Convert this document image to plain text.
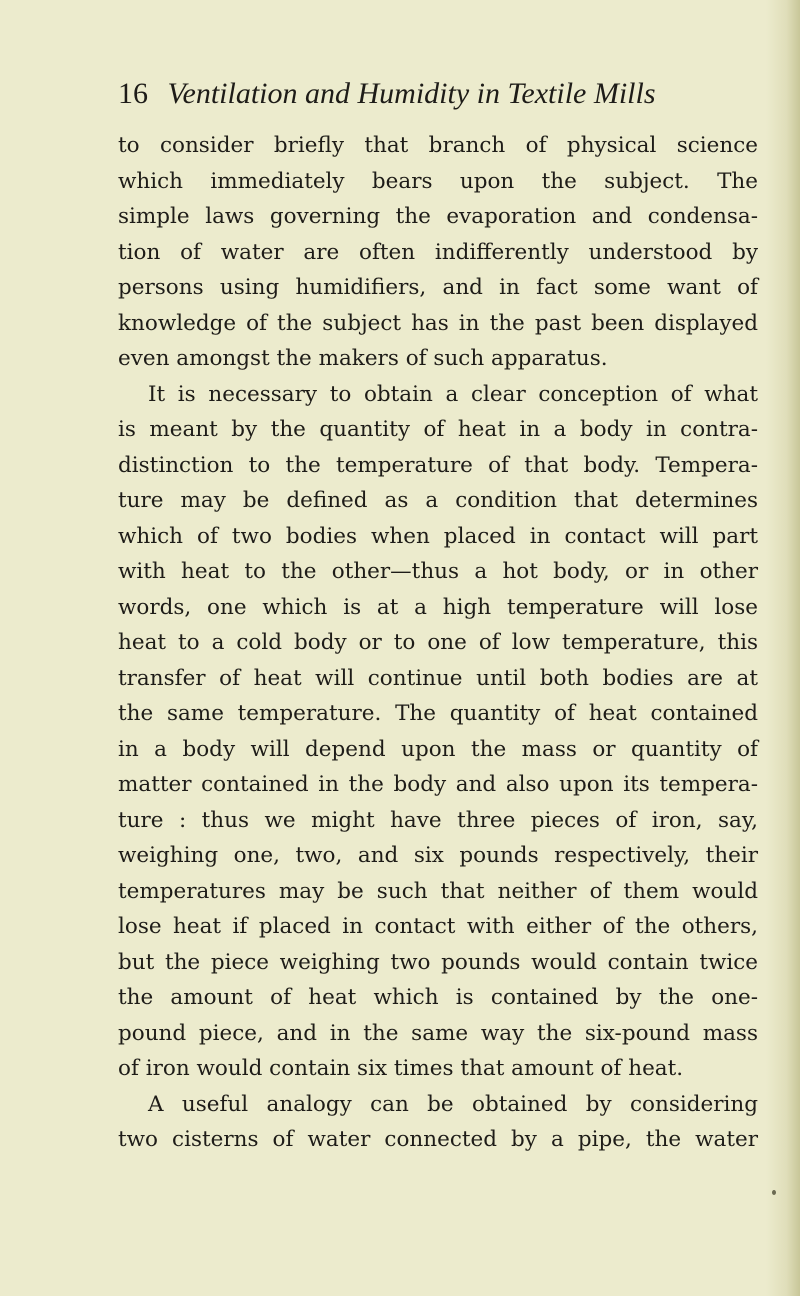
16 Ventilation and Humidity in Textile Mills
to consider briefly that branch of physical science
which immediately bears upon the subject. The
simple laws governing the evaporation and condensa-
tion of water are often indifferently understood by
persons using humidifiers, and in fact some want of
knowledge of the subject has in the past been displayed
even amongst the makers of such apparatus.
It is necessary to obtain a clear conception of what
is meant by the quantity of heat in a body in contra-
distinction to the temperature of that body. Tempera-
ture may be defined as a condition that determines
which of two bodies when placed in contact will part
with heat to the other—thus a hot body, or in other
words, one which is at a high temperature will lose
heat to a cold body or to one of low temperature, this
transfer of heat will continue until both bodies are at
the same temperature. The quantity of heat contained
in a body will depend upon the mass or quantity of
matter contained in the body and also upon its tempera-
ture : thus we might have three pieces of iron, say,
weighing one, two, and six pounds respectively, their
temperatures may be such that neither of them would
lose heat if placed in contact with either of the others,
but the piece weighing two pounds would contain twice
the amount of heat which is contained by the one-
pound piece, and in the same way the six-pound mass
of iron would contain six times that amount of heat.
A useful analogy can be obtained by considering
two cisterns of water connected by a pipe, the water
